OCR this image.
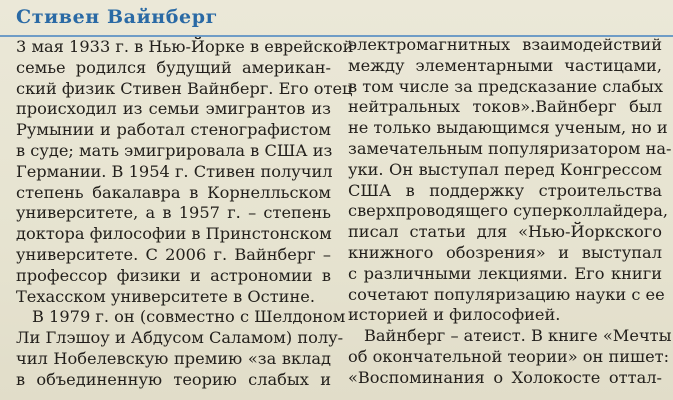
Стивен Вайнберг
3 мая 1933 г. в Нью-Йорке в еврейской
семье родился будущий американ-
ский физик Стивен Вайнберг. Его отец
происходил из семьи эмигрантов из
Румынии и работал стенографистом
в суде; мать эмигрировала в США из
Германии. В 1954 г. Стивен получил
степень бакалавра в Корнелльском
университете, а в 1957 г. – степень
доктора философии в Принстонском
университете. С 2006 г. Вайнберг –
профессор физики и астрономии в
Техасском университете в Остине.
В 1979 г. он (совместно с Шелдоном
Ли Глэшоу и Абдусом Саламом) полу-
чил Нобелевскую премию «за вклад
в объединенную теорию слабых и
электромагнитных взаимодействий
между элементарными частицами,
в том числе за предсказание слабых
нейтральных токов».Вайнберг был
не только выдающимся ученым, но и
замечательным популяризатором на-
уки. Он выступал перед Конгрессом
США в поддержку строительства
сверхпроводящего суперколлайдера,
писал статьи для «Нью-Йоркского
книжного обозрения» и выступал
с различными лекциями. Его книги
сочетают популяризацию науки с ее
историей и философией.
Вайнберг – атеист. В книге «Мечты
об окончательной теории» он пишет:
«Воспоминания о Холокосте оттал-
